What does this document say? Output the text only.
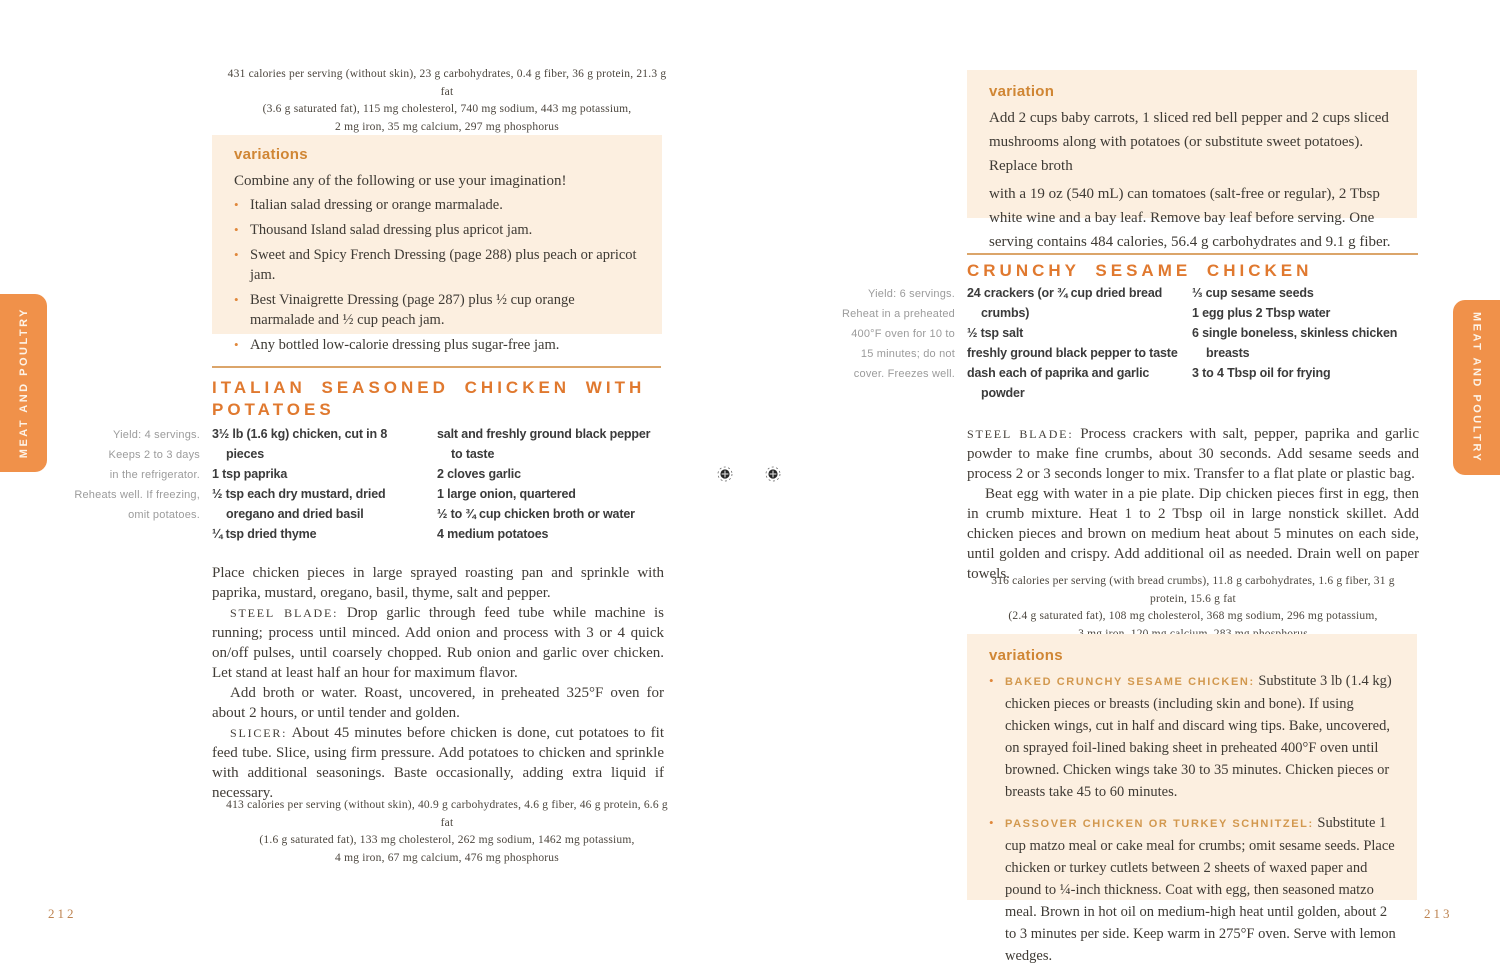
MEAT AND POULTRY
431 calories per serving (without skin), 23 g carbohydrates, 0.4 g fiber, 36 g protein, 21.3 g fat
(3.6 g saturated fat), 115 mg cholesterol, 740 mg sodium, 443 mg potassium,
2 mg iron, 35 mg calcium, 297 mg phosphorus
variations

Combine any of the following or use your imagination!

• Italian salad dressing or orange marmalade.
• Thousand Island salad dressing plus apricot jam.
• Sweet and Spicy French Dressing (page 288) plus peach or apricot jam.
• Best Vinaigrette Dressing (page 287) plus ½ cup orange marmalade and ½ cup peach jam.
• Any bottled low-calorie dressing plus sugar-free jam.
ITALIAN SEASONED CHICKEN WITH POTATOES
Yield: 4 servings.
Keeps 2 to 3 days
in the refrigerator.
Reheats well. If freezing,
omit potatoes.

3½ lb (1.6 kg) chicken, cut in 8 pieces

1 tsp paprika

½ tsp each dry mustard, dried oregano and dried basil

¼ tsp dried thyme

salt and freshly ground black pepper to taste

2 cloves garlic

1 large onion, quartered

½ to ¾ cup chicken broth or water

4 medium potatoes

Place chicken pieces in large sprayed roasting pan and sprinkle with paprika, mustard, oregano, basil, thyme, salt and pepper.

STEEL BLADE: Drop garlic through feed tube while machine is running; process until minced. Add onion and process with 3 or 4 quick on/off pulses, until coarsely chopped. Rub onion and garlic over chicken. Let stand at least half an hour for maximum flavor.

Add broth or water. Roast, uncovered, in preheated 325°F oven for about 2 hours, or until tender and golden.

SLICER: About 45 minutes before chicken is done, cut potatoes to fit feed tube. Slice, using firm pressure. Add potatoes to chicken and sprinkle with additional seasonings. Baste occasionally, adding extra liquid if necessary.

413 calories per serving (without skin), 40.9 g carbohydrates, 4.6 g fiber, 46 g protein, 6.6 g fat
(1.6 g saturated fat), 133 mg cholesterol, 262 mg sodium, 1462 mg potassium,
4 mg iron, 67 mg calcium, 476 mg phosphorus
212
variation

Add 2 cups baby carrots, 1 sliced red bell pepper and 2 cups sliced mushrooms along with potatoes (or substitute sweet potatoes). Replace broth

with a 19 oz (540 mL) can tomatoes (salt-free or regular), 2 Tbsp white wine and a bay leaf. Remove bay leaf before serving. One serving contains 484 calories, 56.4 g carbohydrates and 9.1 g fiber.

CRUNCHY SESAME CHICKEN
Yield: 6 servings.
Reheat in a preheated
400°F oven for 10 to
15 minutes; do not
cover. Freezes well.

24 crackers (or ¾ cup dried bread crumbs)

½ tsp salt

freshly ground black pepper to taste

dash each of paprika and garlic powder

⅓ cup sesame seeds

1 egg plus 2 Tbsp water

6 single boneless, skinless chicken breasts

3 to 4 Tbsp oil for frying

STEEL BLADE: Process crackers with salt, pepper, paprika and garlic powder to make fine crumbs, about 30 seconds. Add sesame seeds and process 2 or 3 seconds longer to mix. Transfer to a flat plate or plastic bag.

Beat egg with water in a pie plate. Dip chicken pieces first in egg, then in crumb mixture. Heat 1 to 2 Tbsp oil in large nonstick skillet. Add chicken pieces and brown on medium heat about 5 minutes on each side, until golden and crispy. Add additional oil as needed. Drain well on paper towels.

316 calories per serving (with bread crumbs), 11.8 g carbohydrates, 1.6 g fiber, 31 g protein, 15.6 g fat
(2.4 g saturated fat), 108 mg cholesterol, 368 mg sodium, 296 mg potassium,
variations
•	BAKED CRUNCHY SESAME CHICKEN: Substitute 3 lb (1.4 kg) chicken pieces or breasts (including skin and bone). If using chicken wings, cut in half and discard wing tips. Bake, uncovered, on sprayed foil-lined baking sheet in preheated 400°F oven until browned. Chicken wings take 30 to 35 minutes. Chicken pieces or breasts take 45 to 60 minutes.
•	PASSOVER CHICKEN OR TURKEY SCHNITZEL: Substitute 1 cup matzo meal or cake meal for crumbs; omit sesame seeds. Place chicken or turkey cutlets between 2 sheets of waxed paper and pound to ¼-inch thickness. Coat with egg, then seasoned matzo meal. Brown in hot oil on medium-high heat until golden, about 2 to 3 minutes per side. Keep warm in 275°F oven. Serve with lemon wedges.
213
MEAT AND POULTRY
